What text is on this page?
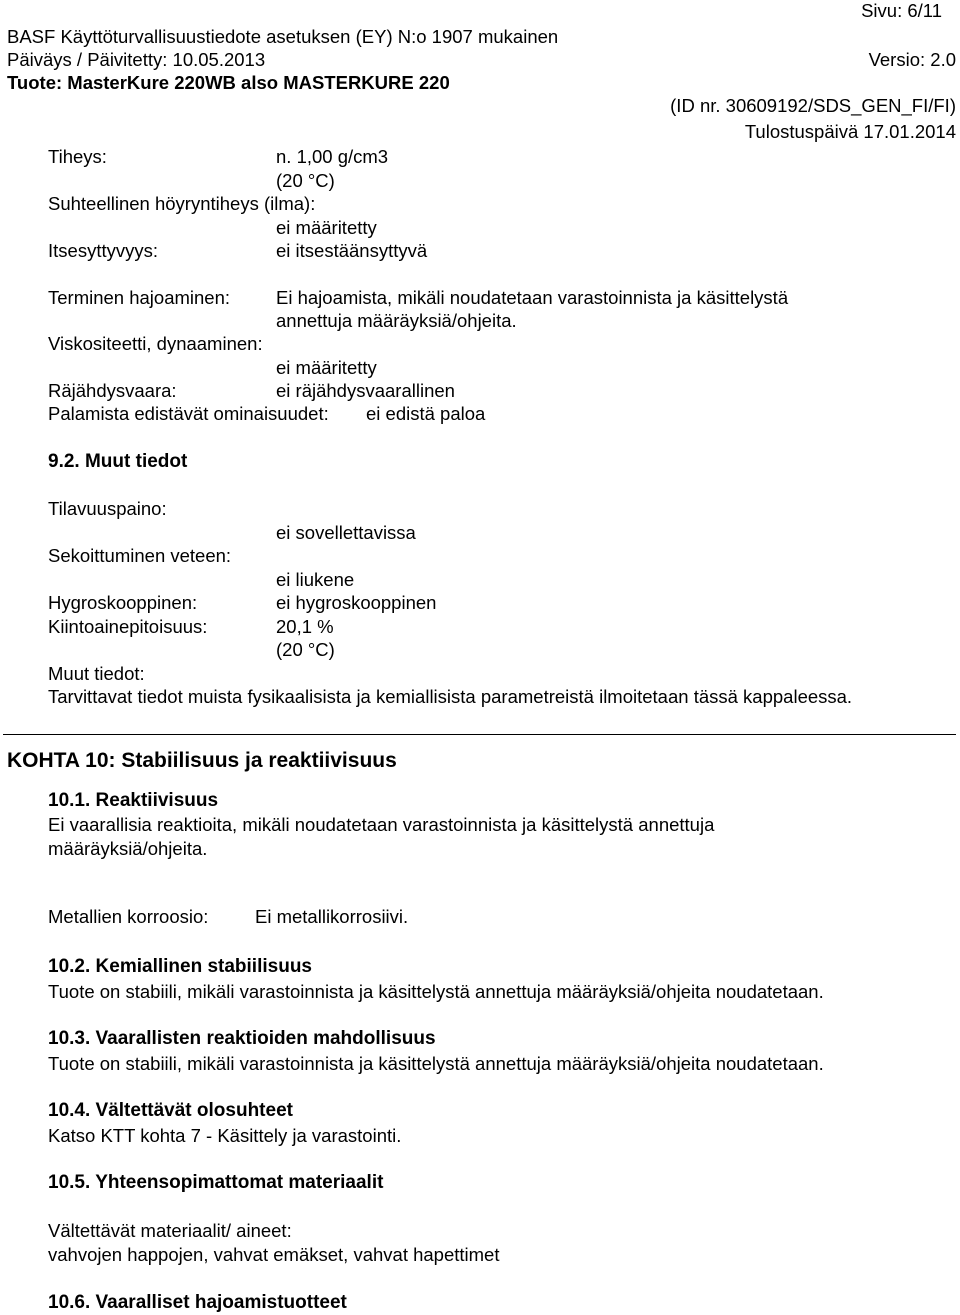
Sivu: 6/11
BASF Käyttöturvallisuustiedote asetuksen (EY) N:o 1907 mukainen
Päiväys / Päivitetty: 10.05.2013	Versio: 2.0
Tuote: MasterKure 220WB also MASTERKURE 220
(ID nr. 30609192/SDS_GEN_FI/FI)
Tulostuspäivä 17.01.2014
Tiheys:	n. 1,00 g/cm3
(20 °C)
Suhteellinen höyryntiheys (ilma):
ei määritetty
Itsesyttyvyys:	ei itsestäänsyttyvä
Terminen hajoaminen: Ei hajoamista, mikäli noudatetaan varastoinnista ja käsittelystä
annettuja määräyksiä/ohjeita.
Viskositeetti, dynaaminen:
ei määritetty
Räjähdysvaara:	ei räjähdysvaarallinen
Palamista edistävät ominaisuudet: ei edistä paloa
9.2. Muut tiedot
Tilavuuspaino:
ei sovellettavissa
Sekoittuminen veteen:
ei liukene
Hygroskooppinen:	ei hygroskooppinen
Kiintoainepitoisuus:	20,1 %
(20 °C)
Muut tiedot:
Tarvittavat tiedot muista fysikaalisista ja kemiallisista parametreistä ilmoitetaan tässä kappaleessa.
KOHTA 10: Stabiilisuus ja reaktiivisuus
10.1. Reaktiivisuus
Ei vaarallisia reaktioita, mikäli noudatetaan varastoinnista ja käsittelystä annettuja
määräyksiä/ohjeita.
Metallien korroosio:	Ei metallikorrosiivi.
10.2. Kemiallinen stabiilisuus
Tuote on stabiili, mikäli varastoinnista ja käsittelystä annettuja määräyksiä/ohjeita noudatetaan.
10.3. Vaarallisten reaktioiden mahdollisuus
Tuote on stabiili, mikäli varastoinnista ja käsittelystä annettuja määräyksiä/ohjeita noudatetaan.
10.4. Vältettävät olosuhteet
Katso KTT kohta 7 - Käsittely ja varastointi.
10.5. Yhteensopimattomat materiaalit
Vältettävät materiaalit/ aineet:
vahvojen happojen, vahvat emäkset, vahvat hapettimet
10.6. Vaaralliset hajoamistuotteet
